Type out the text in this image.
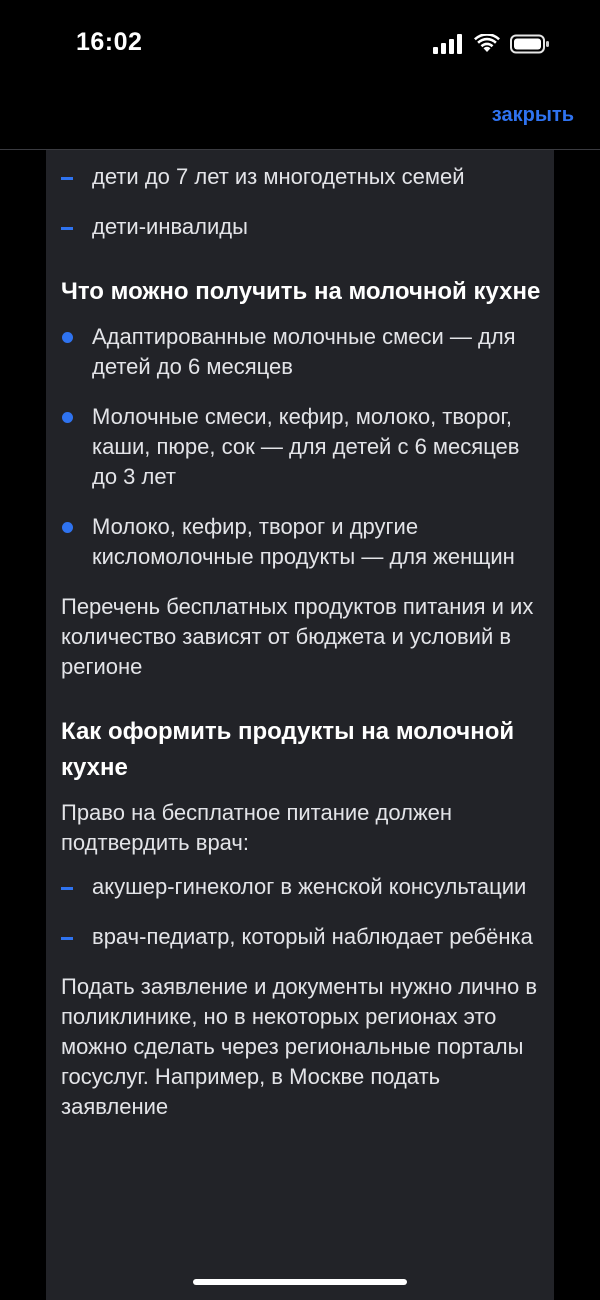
16:02
закрыть
дети до 7 лет из многодетных семей
дети-инвалиды
Что можно получить на молочной кухне
Адаптированные молочные смеси — для детей до 6 месяцев
Молочные смеси, кефир, молоко, творог, каши, пюре, сок — для детей с 6 месяцев до 3 лет
Молоко, кефир, творог и другие кисломолочные продукты — для женщин
Перечень бесплатных продуктов питания и их количество зависят от бюджета и условий в регионе
Как оформить продукты на молочной кухне
Право на бесплатное питание должен подтвердить врач:
акушер-гинеколог в женской консультации
врач-педиатр, который наблюдает ребёнка
Подать заявление и документы нужно лично в поликлинике, но в некоторых регионах это можно сделать через региональные порталы госуслуг. Например, в Москве подать заявление
